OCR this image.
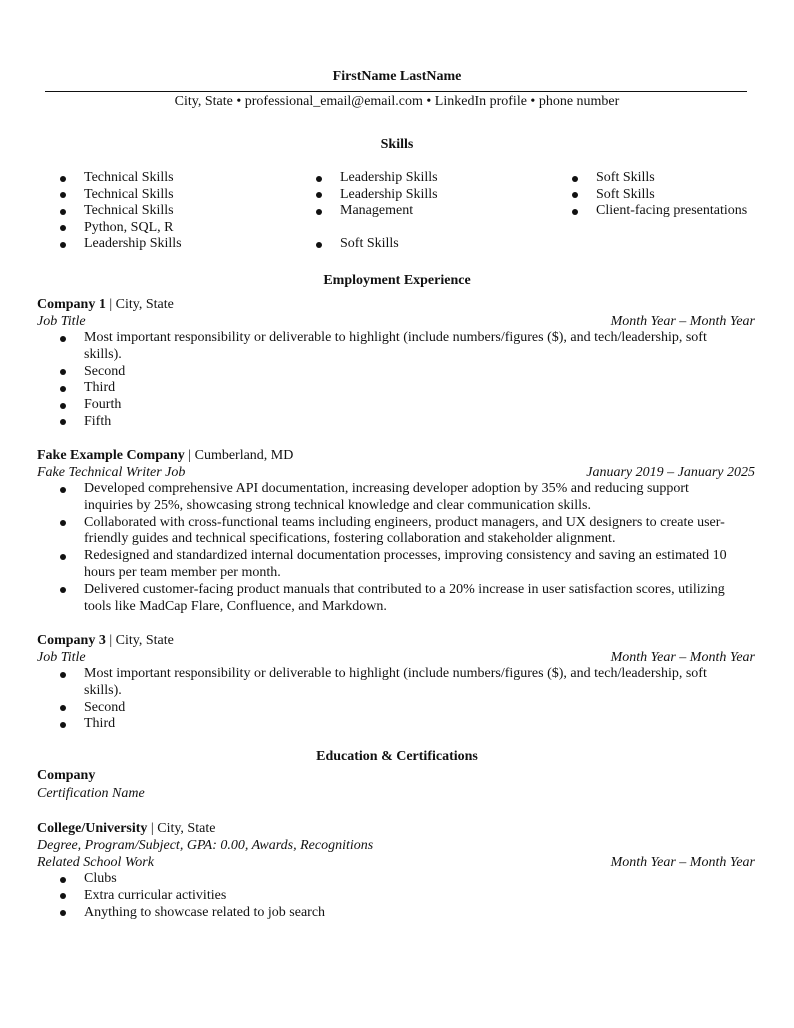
FirstName LastName
City, State • professional_email@email.com • LinkedIn profile • phone number
Skills
Technical Skills
Technical Skills
Technical Skills
Python, SQL, R
Leadership Skills
Leadership Skills
Leadership Skills
Management
Soft Skills
Soft Skills
Soft Skills
Client-facing presentations
Employment Experience
Company 1 | City, State
Job Title	Month Year – Month Year
Most important responsibility or deliverable to highlight (include numbers/figures ($), and tech/leadership, soft skills).
Second
Third
Fourth
Fifth
Fake Example Company | Cumberland, MD
Fake Technical Writer Job	January 2019 – January 2025
Developed comprehensive API documentation, increasing developer adoption by 35% and reducing support inquiries by 25%, showcasing strong technical knowledge and clear communication skills.
Collaborated with cross-functional teams including engineers, product managers, and UX designers to create user-friendly guides and technical specifications, fostering collaboration and stakeholder alignment.
Redesigned and standardized internal documentation processes, improving consistency and saving an estimated 10 hours per team member per month.
Delivered customer-facing product manuals that contributed to a 20% increase in user satisfaction scores, utilizing tools like MadCap Flare, Confluence, and Markdown.
Company 3 | City, State
Job Title	Month Year – Month Year
Most important responsibility or deliverable to highlight (include numbers/figures ($), and tech/leadership, soft skills).
Second
Third
Education & Certifications
Company
Certification Name
College/University | City, State
Degree, Program/Subject, GPA: 0.00, Awards, Recognitions
Related School Work	Month Year – Month Year
Clubs
Extra curricular activities
Anything to showcase related to job search
